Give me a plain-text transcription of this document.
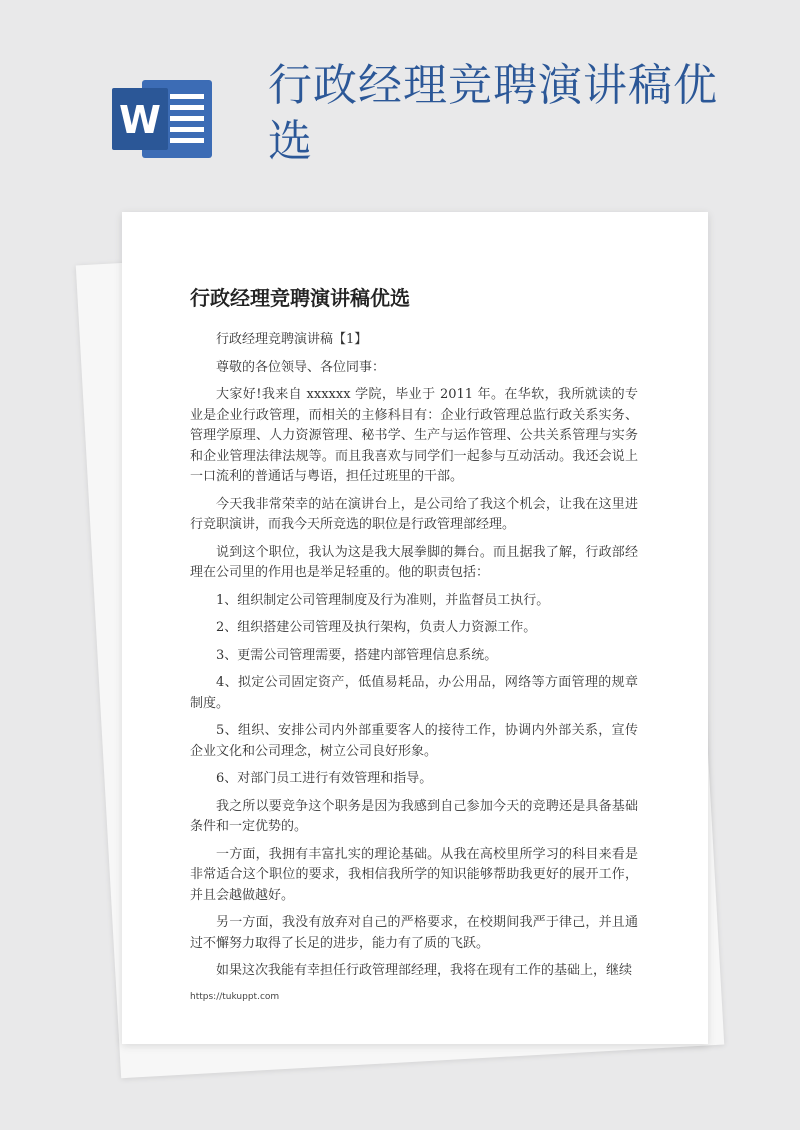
W
行政经理竞聘演讲稿优选
行政经理竞聘演讲稿优选

行政经理竞聘演讲稿【1】

尊敬的各位领导、各位同事：

大家好!我来自 xxxxxx 学院，毕业于 2011 年。在华软，我所就读的专业是企业行政管理，而相关的主修科目有：企业行政管理总监行政关系实务、管理学原理、人力资源管理、秘书学、生产与运作管理、公共关系管理与实务和企业管理法律法规等。而且我喜欢与同学们一起参与互动活动。我还会说上一口流利的普通话与粤语，担任过班里的干部。

今天我非常荣幸的站在演讲台上，是公司给了我这个机会，让我在这里进行竞职演讲，而我今天所竞选的职位是行政管理部经理。

说到这个职位，我认为这是我大展拳脚的舞台。而且据我了解，行政部经理在公司里的作用也是举足轻重的。他的职责包括：

1、组织制定公司管理制度及行为准则，并监督员工执行。

2、组织搭建公司管理及执行架构，负责人力资源工作。

3、更需公司管理需要，搭建内部管理信息系统。

4、拟定公司固定资产，低值易耗品，办公用品，网络等方面管理的规章制度。

5、组织、安排公司内外部重要客人的接待工作，协调内外部关系，宣传企业文化和公司理念，树立公司良好形象。

6、对部门员工进行有效管理和指导。

我之所以要竞争这个职务是因为我感到自己参加今天的竞聘还是具备基础条件和一定优势的。

一方面，我拥有丰富扎实的理论基础。从我在高校里所学习的科目来看是非常适合这个职位的要求，我相信我所学的知识能够帮助我更好的展开工作，并且会越做越好。

另一方面，我没有放弃对自己的严格要求，在校期间我严于律己，并且通过不懈努力取得了长足的进步，能力有了质的飞跃。

如果这次我能有幸担任行政管理部经理，我将在现有工作的基础上，继续

https://tukuppt.com
